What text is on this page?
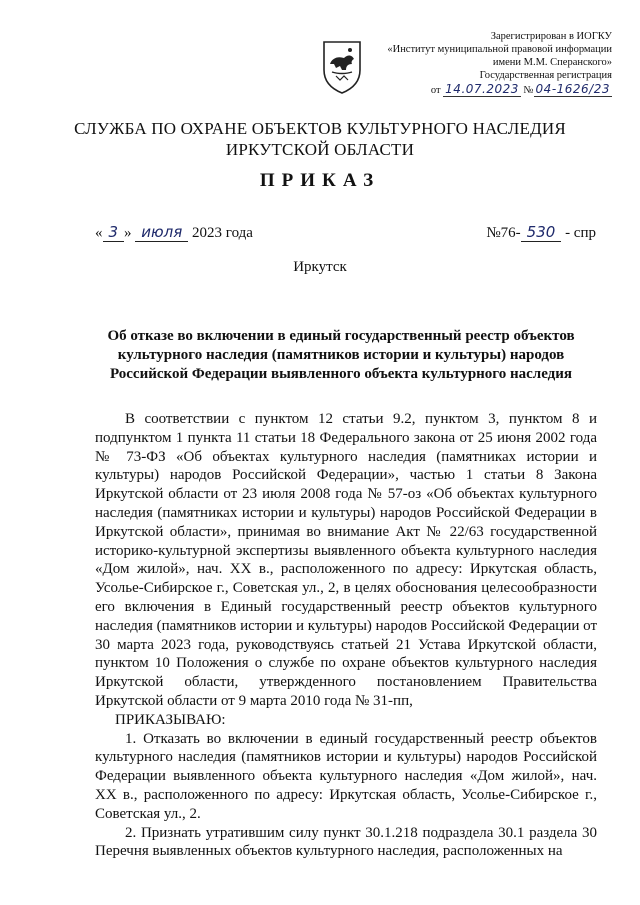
Зарегистрирован в ИОГКУ
«Институт муниципальной правовой информации
имени М.М. Сперанского»
Государственная регистрация
от 14.07.2023 № 04-1626/23
СЛУЖБА ПО ОХРАНЕ ОБЪЕКТОВ КУЛЬТУРНОГО НАСЛЕДИЯ
ИРКУТСКОЙ ОБЛАСТИ
ПРИКАЗ
« 3 » июля 2023 года	№76- 530 - спр
Иркутск
Об отказе во включении в единый государственный реестр объектов культурного наследия (памятников истории и культуры) народов Российской Федерации выявленного объекта культурного наследия

В соответствии с пунктом 12 статьи 9.2, пунктом 3, пунктом 8 и подпунктом 1 пункта 11 статьи 18 Федерального закона от 25 июня 2002 года № 73-ФЗ «Об объектах культурного наследия (памятниках истории и культуры) народов Российской Федерации», частью 1 статьи 8 Закона Иркутской области от 23 июля 2008 года № 57-оз «Об объектах культурного наследия (памятниках истории и культуры) народов Российской Федерации в Иркутской области», принимая во внимание Акт № 22/63 государственной историко-культурной экспертизы выявленного объекта культурного наследия «Дом жилой», нач. XX в., расположенного по адресу: Иркутская область, Усолье-Сибирское г., Советская ул., 2, в целях обоснования целесообразности его включения в Единый государственный реестр объектов культурного наследия (памятников истории и культуры) народов Российской Федерации от 30 марта 2023 года, руководствуясь статьей 21 Устава Иркутской области, пунктом 10 Положения о службе по охране объектов культурного наследия Иркутской области, утвержденного постановлением Правительства Иркутской области от 9 марта 2010 года № 31-пп,

ПРИКАЗЫВАЮ:

1. Отказать во включении в единый государственный реестр объектов культурного наследия (памятников истории и культуры) народов Российской Федерации выявленного объекта культурного наследия «Дом жилой», нач. XX в., расположенного по адресу: Иркутская область, Усолье-Сибирское г., Советская ул., 2.

2. Признать утратившим силу пункт 30.1.218 подраздела 30.1 раздела 30 Перечня выявленных объектов культурного наследия, расположенных на
